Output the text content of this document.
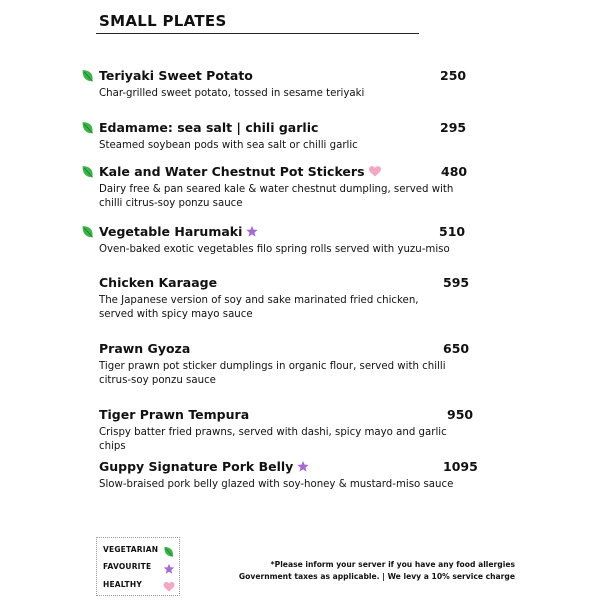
SMALL PLATES
Teriyaki Sweet Potato	250

Char-grilled sweet potato, tossed in sesame teriyaki

Edamame: sea salt | chili garlic	295

Steamed soybean pods with sea salt or chilli garlic

Kale and Water Chestnut Pot Stickers	480

Dairy free & pan seared kale & water chestnut dumpling, served with chilli citrus-soy ponzu sauce

Vegetable Harumaki	510

Oven-baked exotic vegetables filo spring rolls served with yuzu-miso

Chicken Karaage	595

The Japanese version of soy and sake marinated fried chicken, served with spicy mayo sauce

Prawn Gyoza	650

Tiger prawn pot sticker dumplings in organic flour, served with chilli citrus-soy ponzu sauce

Tiger Prawn Tempura	950

Crispy batter fried prawns, served with dashi, spicy mayo and garlic chips

Guppy Signature Pork Belly	1095

Slow-braised pork belly glazed with soy-honey & mustard-miso sauce

VEGETARIAN
FAVOURITE
HEALTHY
*Please inform your server if you have any food allergies
Government taxes as applicable. | We levy a 10% service charge
